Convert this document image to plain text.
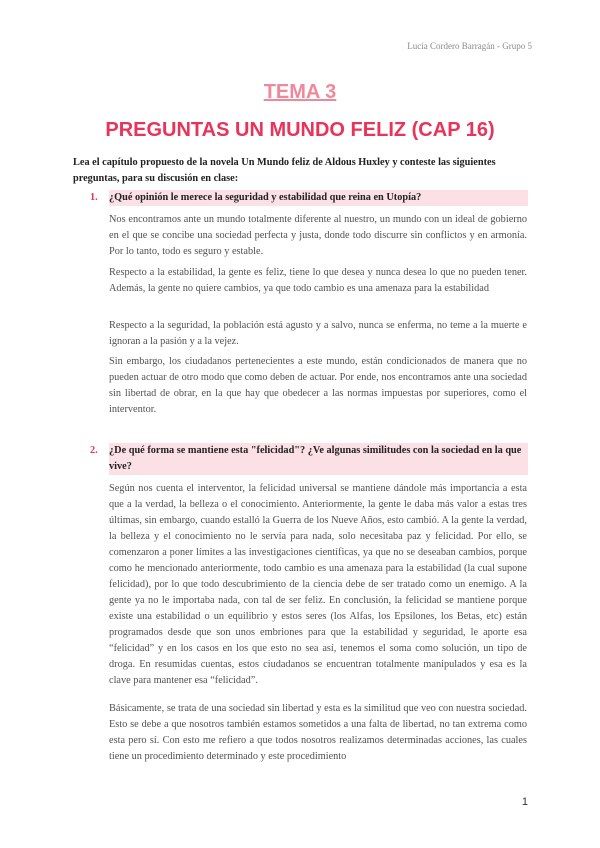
Lucía Cordero Barragán - Grupo 5
TEMA 3
PREGUNTAS UN MUNDO FELIZ (CAP 16)
Lea el capítulo propuesto de la novela Un Mundo feliz de Aldous Huxley y conteste las siguientes preguntas, para su discusión en clase:
1. ¿Qué opinión le merece la seguridad y estabilidad que reina en Utopía?
Nos encontramos ante un mundo totalmente diferente al nuestro, un mundo con un ideal de gobierno en el que se concibe una sociedad perfecta y justa, donde todo discurre sin conflictos y en armonía. Por lo tanto, todo es seguro y estable.
Respecto a la estabilidad, la gente es feliz, tiene lo que desea y nunca desea lo que no pueden tener. Además, la gente no quiere cambios, ya que todo cambio es una amenaza para la estabilidad
Respecto a la seguridad, la población está agusto y a salvo, nunca se enferma, no teme a la muerte e ignoran a la pasión y a la vejez.
Sin embargo, los ciudadanos pertenecientes a este mundo, están condicionados de manera que no pueden actuar de otro modo que como deben de actuar. Por ende, nos encontramos ante una sociedad sin libertad de obrar, en la que hay que obedecer a las normas impuestas por superiores, como el interventor.
2. ¿De qué forma se mantiene esta "felicidad"? ¿Ve algunas similitudes con la sociedad en la que vive?
Según nos cuenta el interventor, la felicidad universal se mantiene dándole más importancia a esta que a la verdad, la belleza o el conocimiento. Anteriormente, la gente le daba más valor a estas tres últimas, sin embargo, cuando estalló la Guerra de los Nueve Años, esto cambió. A la gente la verdad, la belleza y el conocimiento no le servía para nada, solo necesitaba paz y felicidad. Por ello, se comenzaron a poner límites a las investigaciones científicas, ya que no se deseaban cambios, porque como he mencionado anteriormente, todo cambio es una amenaza para la estabilidad (la cual supone felicidad), por lo que todo descubrimiento de la ciencia debe de ser tratado como un enemigo. A la gente ya no le importaba nada, con tal de ser feliz. En conclusión, la felicidad se mantiene porque existe una estabilidad o un equilibrio y estos seres (los Alfas, los Epsilones, los Betas, etc) están programados desde que son unos embriones para que la estabilidad y seguridad, le aporte esa “felicidad” y en los casos en los que esto no sea así, tenemos el soma como solución, un tipo de droga. En resumidas cuentas, estos ciudadanos se encuentran totalmente manipulados y esa es la clave para mantener esa “felicidad”.
Básicamente, se trata de una sociedad sin libertad y esta es la similitud que veo con nuestra sociedad. Esto se debe a que nosotros también estamos sometidos a una falta de libertad, no tan extrema como esta pero sí. Con esto me refiero a que todos nosotros realizamos determinadas acciones, las cuales tiene un procedimiento determinado y este procedimiento
1
